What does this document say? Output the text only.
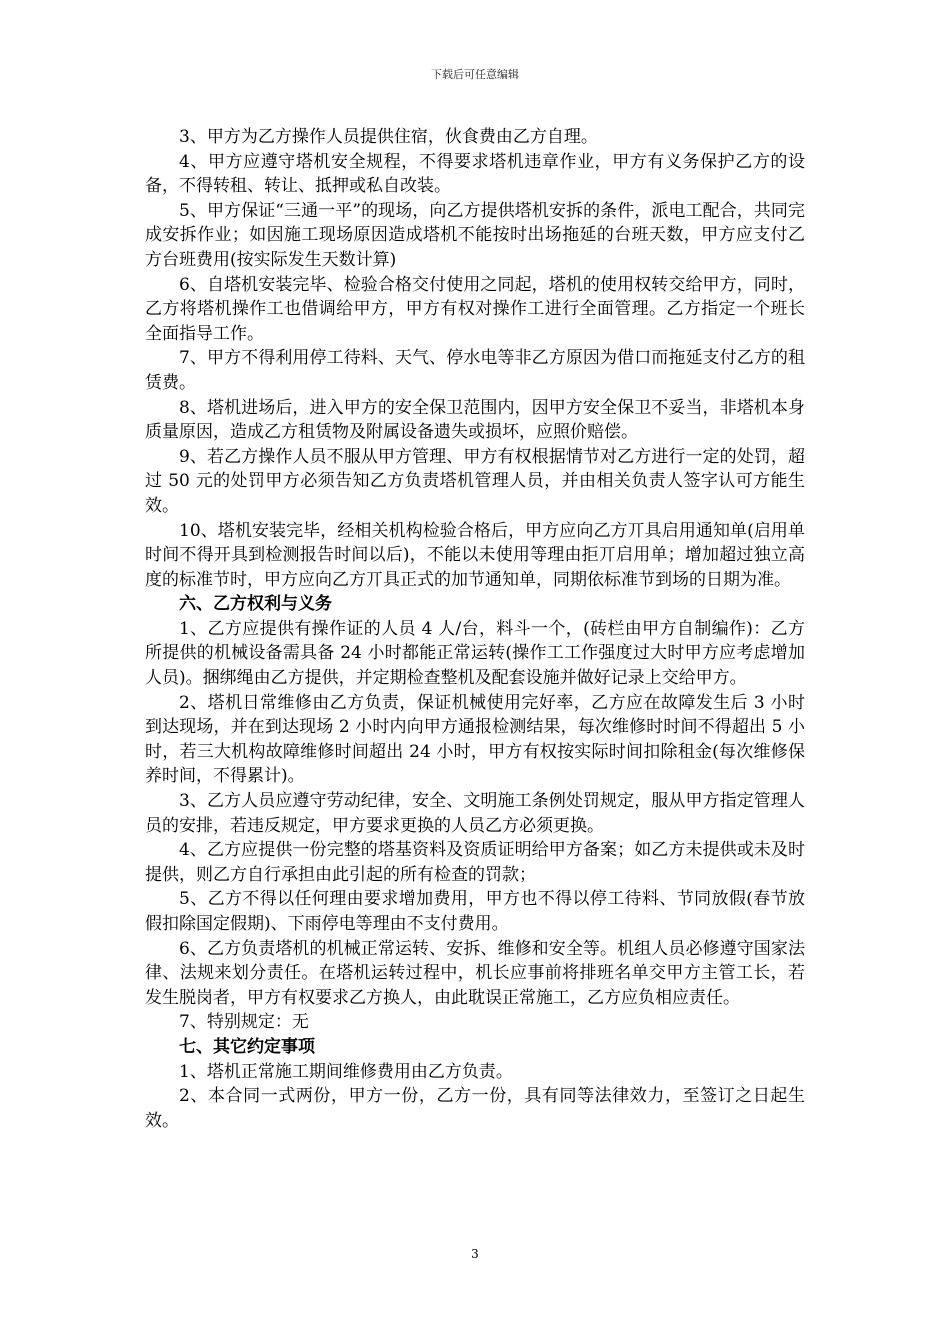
下载后可任意编辑

3、甲方为乙方操作人员提供住宿，伙食费由乙方自理。

4、甲方应遵守塔机安全规程，不得要求塔机违章作业，甲方有义务保护乙方的设备，不得转租、转让、抵押或私自改装。

5、甲方保证“三通一平”的现场，向乙方提供塔机安拆的条件，派电工配合，共同完成安拆作业；如因施工现场原因造成塔机不能按时出场拖延的台班天数，甲方应支付乙方台班费用(按实际发生天数计算)

6、自塔机安装完毕、检验合格交付使用之同起，塔机的使用权转交给甲方，同时，乙方将塔机操作工也借调给甲方，甲方有权对操作工进行全面管理。乙方指定一个班长全面指导工作。

7、甲方不得利用停工待料、天气、停水电等非乙方原因为借口而拖延支付乙方的租赁费。

8、塔机进场后，进入甲方的安全保卫范围内，因甲方安全保卫不妥当，非塔机本身质量原因，造成乙方租赁物及附属设备遗失或损坏，应照价赔偿。

9、若乙方操作人员不服从甲方管理、甲方有权根据情节对乙方进行一定的处罚，超过 50 元的处罚甲方必须告知乙方负责塔机管理人员，并由相关负责人签字认可方能生效。

10、塔机安装完毕，经相关机构检验合格后，甲方应向乙方丌具启用通知单(启用单时间不得开具到检测报告时间以后)，不能以未使用等理由拒丌启用单；增加超过独立高度的标准节时，甲方应向乙方丌具正式的加节通知单，同期依标准节到场的日期为准。

六、乙方权利与义务

1、乙方应提供有操作证的人员 4 人/台，料斗一个，(砖栏由甲方自制编作)：乙方所提供的机械设备需具备 24 小时都能正常运转(操作工工作强度过大时甲方应考虑增加人员)。捆绑绳由乙方提供，并定期检查整机及配套设施并做好记录上交给甲方。

2、塔机日常维修由乙方负责，保证机械使用完好率，乙方应在故障发生后 3 小时到达现场，并在到达现场 2 小时内向甲方通报检测结果，每次维修时时间不得超出 5 小时，若三大机构故障维修时间超出 24 小时，甲方有权按实际时间扣除租金(每次维修保养时间，不得累计)。

3、乙方人员应遵守劳动纪律，安全、文明施工条例处罚规定，服从甲方指定管理人员的安排，若违反规定，甲方要求更换的人员乙方必须更换。

4、乙方应提供一份完整的塔基资料及资质证明给甲方备案；如乙方未提供或未及时提供，则乙方自行承担由此引起的所有检查的罚款；

5、乙方不得以任何理由要求增加费用，甲方也不得以停工待料、节同放假(春节放假扣除国定假期)、下雨停电等理由不支付费用。

6、乙方负责塔机的机械正常运转、安拆、维修和安全等。机组人员必修遵守国家法律、法规来划分责任。在塔机运转过程中，机长应事前将排班名单交甲方主管工长，若发生脱岗者，甲方有权要求乙方换人，由此耽误正常施工，乙方应负相应责任。

7、特别规定：无

七、其它约定事项

1、塔机正常施工期间维修费用由乙方负责。

2、本合同一式两份，甲方一份，乙方一份，具有同等法律效力，至签订之日起生效。

3
